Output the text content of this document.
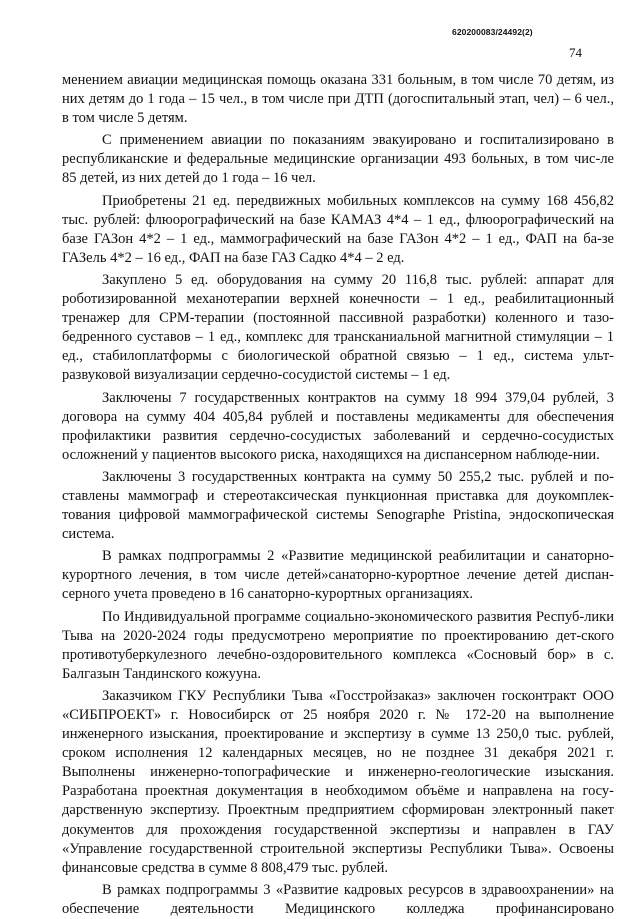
620200083/24492(2)
74

менением авиации медицинская помощь оказана 331 больным, в том числе 70 детям, из них детям до 1 года – 15 чел., в том числе при ДТП (догоспитальный этап, чел) – 6 чел., в том числе 5 детям.

С применением авиации по показаниям эвакуировано и госпитализировано в республиканские и федеральные медицинские организации 493 больных, в том чис-ле 85 детей, из них детей до 1 года – 16 чел.

Приобретены 21 ед. передвижных мобильных комплексов на сумму 168 456,82 тыс. рублей: флюорографический на базе КАМАЗ 4*4 – 1 ед., флюорографический на базе ГАЗон 4*2 – 1 ед., маммографический на базе ГАЗон 4*2 – 1 ед., ФАП на ба-зе ГАЗель 4*2 – 16 ед., ФАП на базе ГАЗ Садко 4*4 – 2 ед.

Закуплено 5 ед. оборудования на сумму 20 116,8 тыс. рублей: аппарат для роботизированной механотерапии верхней конечности – 1 ед., реабилитационный тренажер для СРМ-терапии (постоянной пассивной разработки) коленного и тазо-бедренного суставов – 1 ед., комплекс для трансканиальной магнитной стимуляции – 1 ед., стабилоплатформы с биологической обратной связью – 1 ед., система ульт-развуковой визуализации сердечно-сосудистой системы – 1 ед.

Заключены 7 государственных контрактов на сумму 18 994 379,04 рублей, 3 договора на сумму 404 405,84 рублей и поставлены медикаменты для обеспечения профилактики развития сердечно-сосудистых заболеваний и сердечно-сосудистых осложнений у пациентов высокого риска, находящихся на диспансерном наблюде-нии.

Заключены 3 государственных контракта на сумму 50 255,2 тыс. рублей и по-ставлены маммограф и стереотаксическая пункционная приставка для доукомплек-тования цифровой маммографической системы Senographe Pristina, эндоскопическая система.

В рамках подпрограммы 2 «Развитие медицинской реабилитации и санаторно-курортного лечения, в том числе детей»санаторно-курортное лечение детей диспан-серного учета проведено в 16 санаторно-курортных организациях.

По Индивидуальной программе социально-экономического развития Респуб-лики Тыва на 2020-2024 годы предусмотрено мероприятие по проектированию дет-ского противотуберкулезного лечебно-оздоровительного комплекса «Сосновый бор» в с. Балгазын Тандинского кожууна.

Заказчиком ГКУ Республики Тыва «Госстройзаказ» заключен госконтракт ООО «СИБПРОЕКТ» г. Новосибирск от 25 ноября 2020 г. № 172-20 на выполнение инженерного изыскания, проектирование и экспертизу в сумме 13 250,0 тыс. рублей, сроком исполнения 12 календарных месяцев, но не позднее 31 декабря 2021 г. Выполнены инженерно-топографические и инженерно-геологические изыскания. Разработана проектная документация в необходимом объёме и направлена на госу-дарственную экспертизу. Проектным предприятием сформирован электронный пакет документов для прохождения государственной экспертизы и направлен в ГАУ «Управление государственной строительной экспертизы Республики Тыва». Освоены финансовые средства в сумме 8 808,479 тыс. рублей.

В рамках подпрограммы 3 «Развитие кадровых ресурсов в здравоохранении» на обеспечение деятельности Медицинского колледжа профинансировано
